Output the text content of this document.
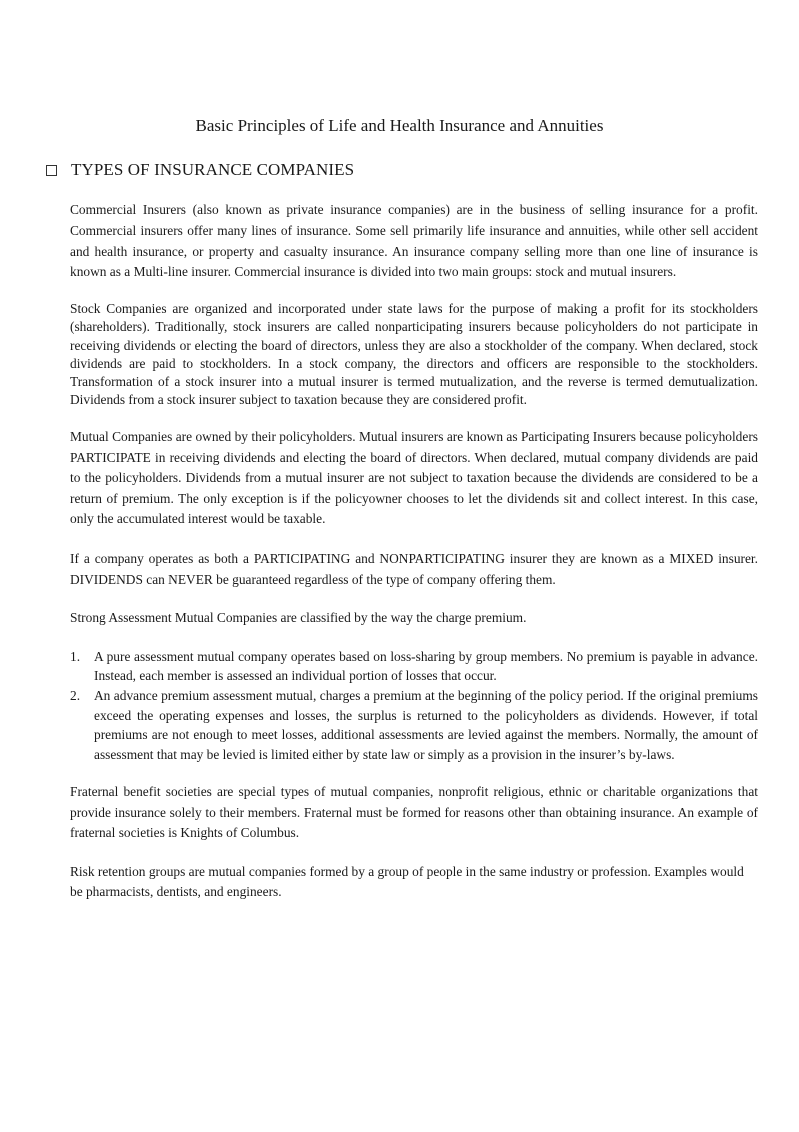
Basic Principles of Life and Health Insurance and Annuities
TYPES OF INSURANCE COMPANIES

Commercial Insurers (also known as private insurance companies) are in the business of selling insurance for a profit. Commercial insurers offer many lines of insurance. Some sell primarily life insurance and annuities, while other sell accident and health insurance, or property and casualty insurance. An insurance company selling more than one line of insurance is known as a Multi-line insurer. Commercial insurance is divided into two main groups: stock and mutual insurers.

Stock Companies are organized and incorporated under state laws for the purpose of making a profit for its stockholders (shareholders). Traditionally, stock insurers are called nonparticipating insurers because policyholders do not participate in receiving dividends or electing the board of directors, unless they are also a stockholder of the company. When declared, stock dividends are paid to stockholders. In a stock company, the directors and officers are responsible to the stockholders. Transformation of a stock insurer into a mutual insurer is termed mutualization, and the reverse is termed demutualization. Dividends from a stock insurer subject to taxation because they are considered profit.

Mutual Companies are owned by their policyholders. Mutual insurers are known as Participating Insurers because policyholders PARTICIPATE in receiving dividends and electing the board of directors. When declared, mutual company dividends are paid to the policyholders. Dividends from a mutual insurer are not subject to taxation because the dividends are considered to be a return of premium. The only exception is if the policyowner chooses to let the dividends sit and collect interest. In this case, only the accumulated interest would be taxable.

If a company operates as both a PARTICIPATING and NONPARTICIPATING insurer they are known as a MIXED insurer. DIVIDENDS can NEVER be guaranteed regardless of the type of company offering them.

Strong Assessment Mutual Companies are classified by the way the charge premium.

1. A pure assessment mutual company operates based on loss-sharing by group members. No premium is payable in advance. Instead, each member is assessed an individual portion of losses that occur.
2. An advance premium assessment mutual, charges a premium at the beginning of the policy period. If the original premiums exceed the operating expenses and losses, the surplus is returned to the policyholders as dividends. However, if total premiums are not enough to meet losses, additional assessments are levied against the members. Normally, the amount of assessment that may be levied is limited either by state law or simply as a provision in the insurer’s by-laws.

Fraternal benefit societies are special types of mutual companies, nonprofit religious, ethnic or charitable organizations that provide insurance solely to their members. Fraternal must be formed for reasons other than obtaining insurance. An example of fraternal societies is Knights of Columbus.

Risk retention groups are mutual companies formed by a group of people in the same industry or profession. Examples would be pharmacists, dentists, and engineers.
